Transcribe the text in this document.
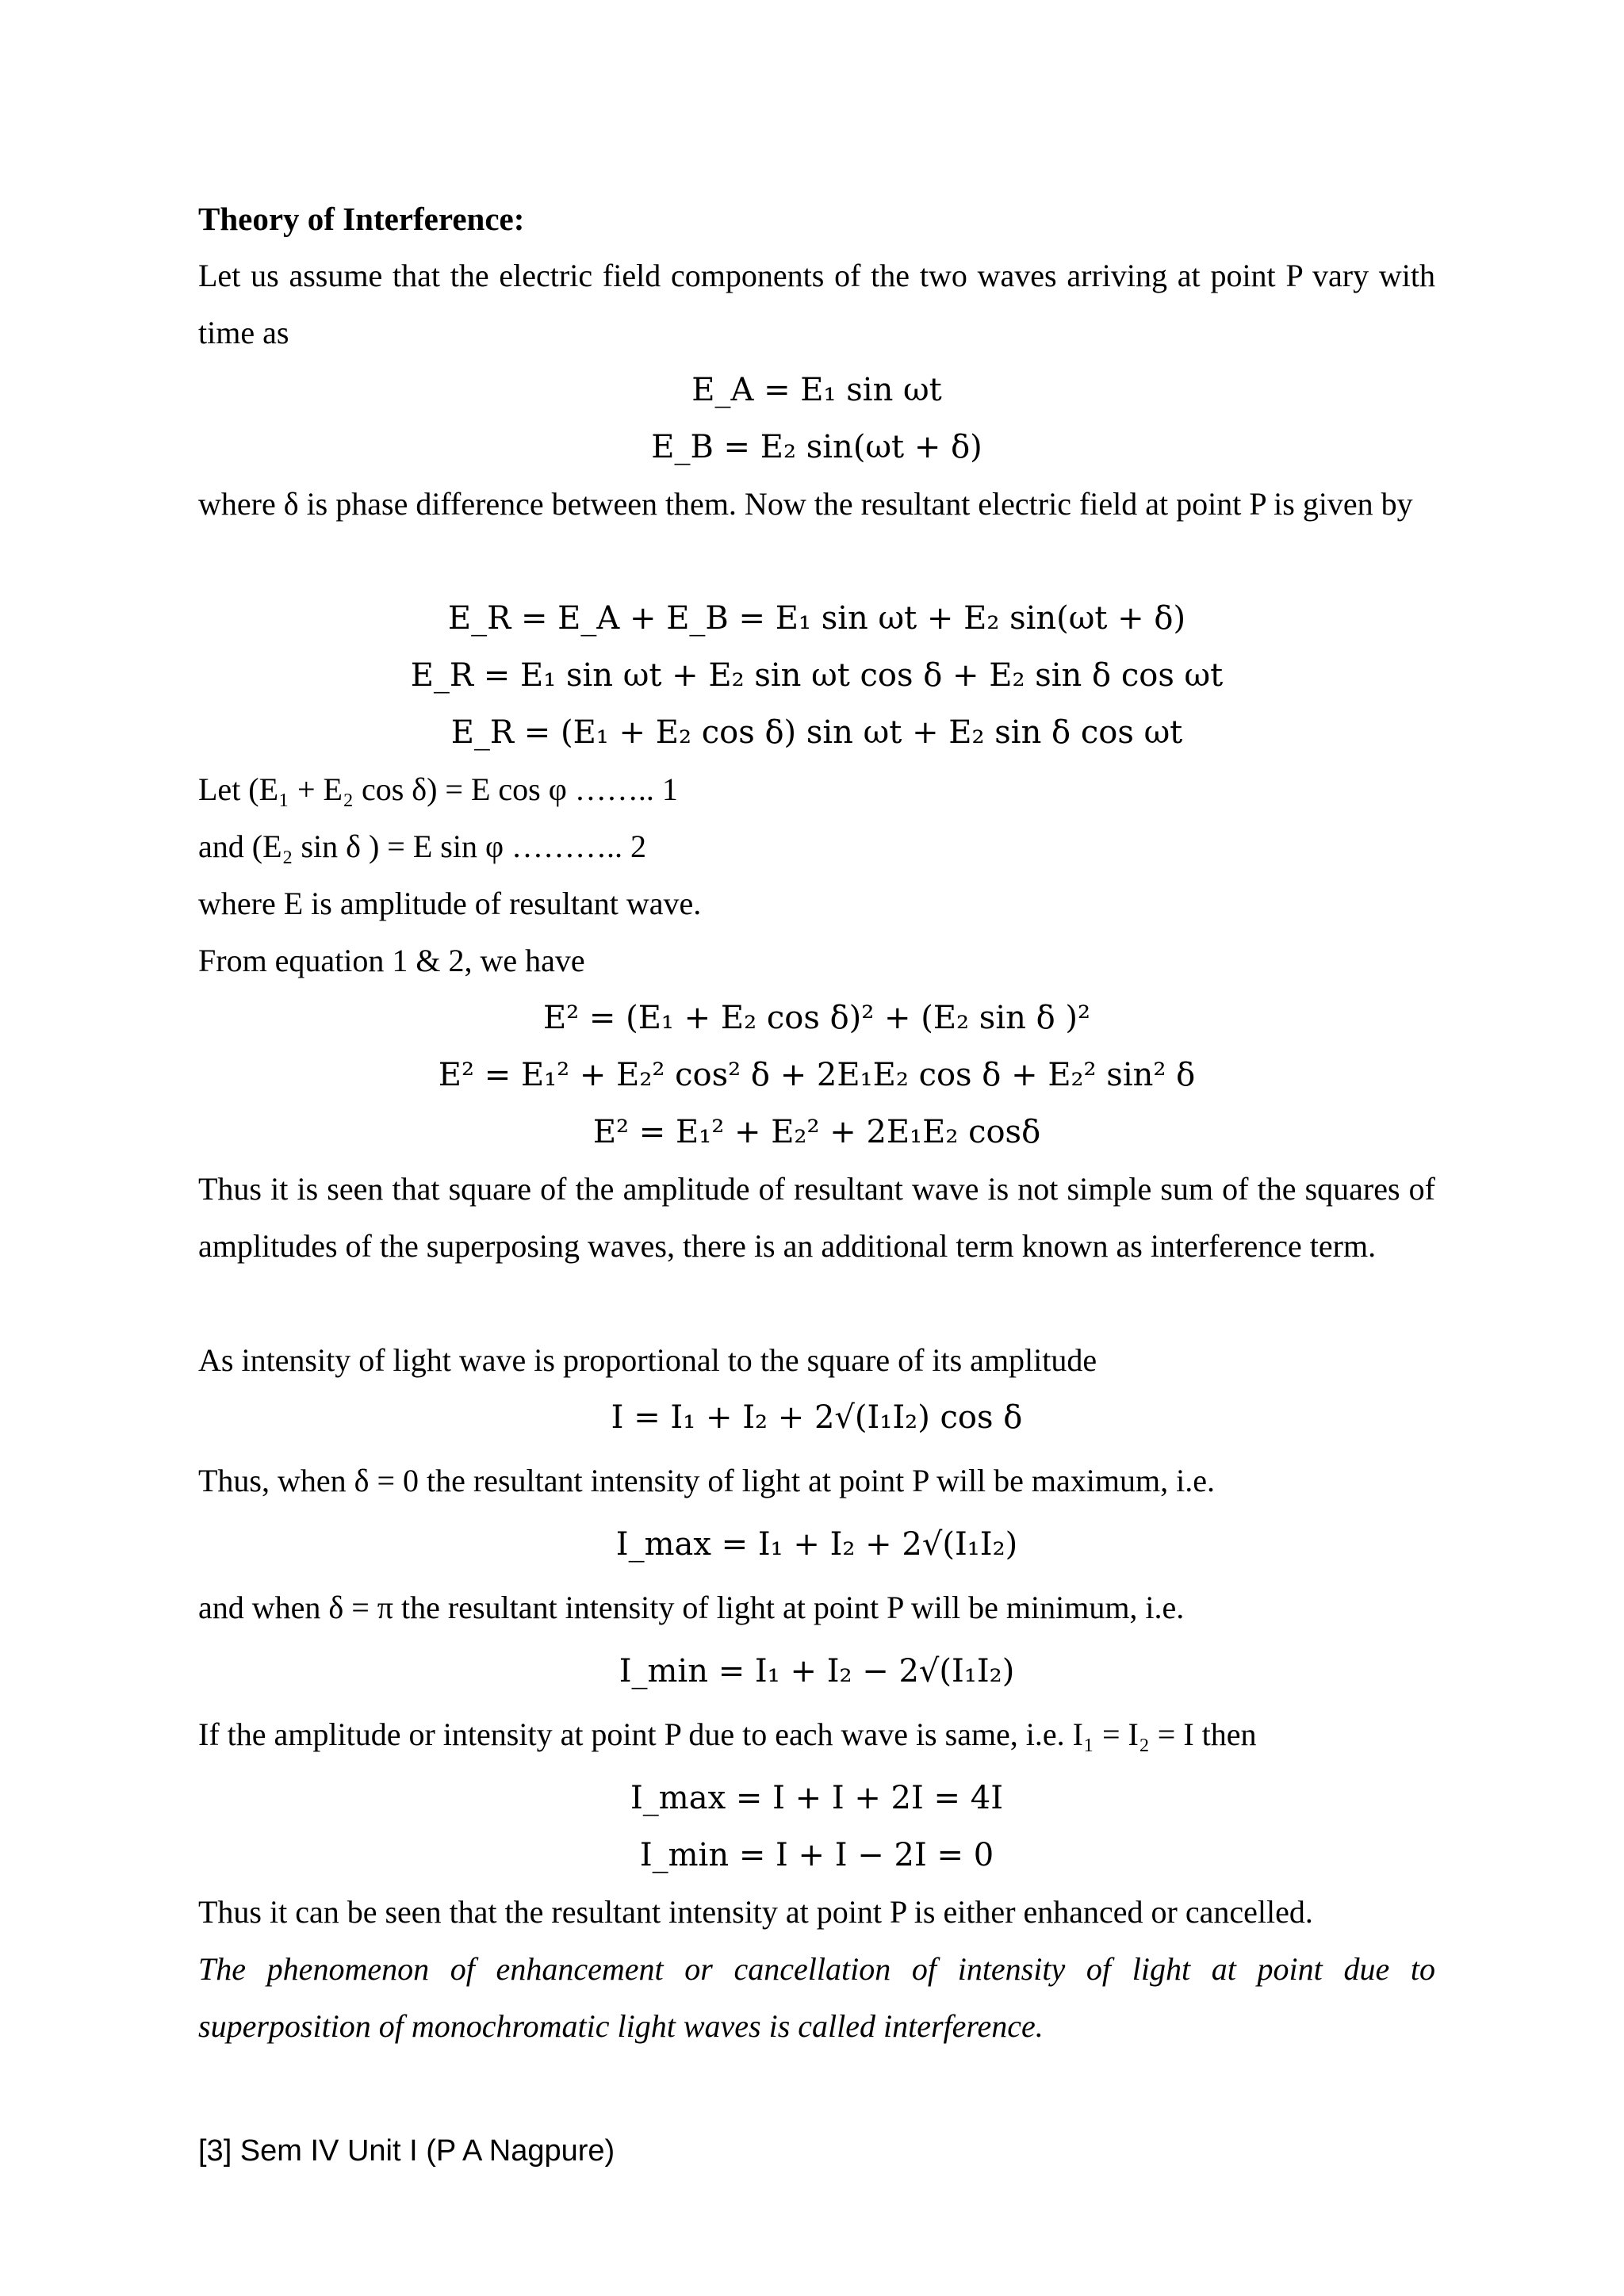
Theory of Interference:
Let us assume that the electric field components of the two waves arriving at point P vary with time as
E_A = E₁ sin ωt
E_B = E₂ sin(ωt + δ)
where δ is phase difference between them. Now the resultant electric field at point P is given by
E_R = E_A + E_B = E₁ sin ωt + E₂ sin(ωt + δ)
E_R = E₁ sin ωt + E₂ sin ωt cos δ + E₂ sin δ cos ωt
E_R = (E₁ + E₂ cos δ) sin ωt + E₂ sin δ cos ωt
Let (E₁ + E₂ cos δ) = E cos φ …….. 1
and (E₂ sin δ ) = E sin φ ……….. 2
where E is amplitude of resultant wave.
From equation 1 & 2, we have
E² = (E₁ + E₂ cos δ)² + (E₂ sin δ )²
E² = E₁² + E₂² cos² δ + 2E₁E₂ cos δ + E₂² sin² δ
E² = E₁² + E₂² + 2E₁E₂ cosδ
Thus it is seen that square of the amplitude of resultant wave is not simple sum of the squares of amplitudes of the superposing waves, there is an additional term known as interference term.
As intensity of light wave is proportional to the square of its amplitude
I = I₁ + I₂ + 2√(I₁I₂) cos δ
Thus, when δ = 0 the resultant intensity of light at point P will be maximum, i.e.
I_max = I₁ + I₂ + 2√(I₁I₂)
and when δ = π the resultant intensity of light at point P will be minimum, i.e.
I_min = I₁ + I₂ − 2√(I₁I₂)
If the amplitude or intensity at point P due to each wave is same, i.e. I₁ = I₂ = I then
I_max = I + I + 2I = 4I
I_min = I + I − 2I = 0
Thus it can be seen that the resultant intensity at point P is either enhanced or cancelled.
The phenomenon of enhancement or cancellation of intensity of light at point due to superposition of monochromatic light waves is called interference.
[3] Sem IV Unit I (P A Nagpure)
